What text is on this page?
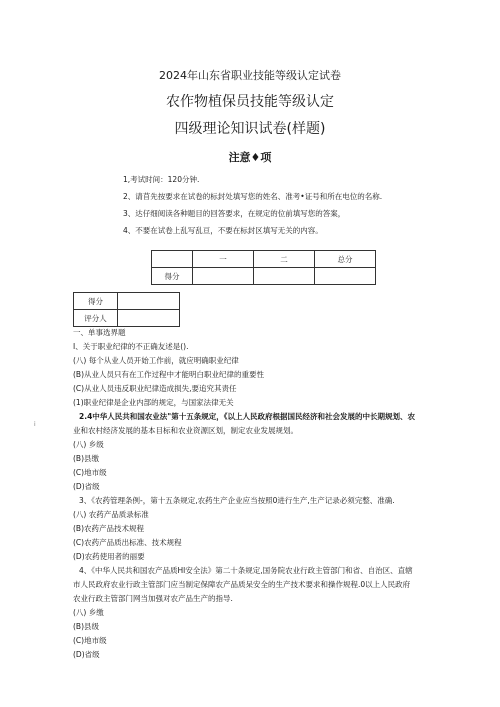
2024年山东省职业技能等级认定试卷
农作物植保员技能等级认定
四级理论知识试卷(样题)
注意♦项
1,考试时间：120分钟.
2、请苜先按要求在试卷的标封处填写您的姓名、准考•证号和所在电位的名称.
3、达仔细阅读各种题目的回答要求，在规定的位前填写您的答案，
4、不要在试卷上乱写乱亘，不要在标封区填写无关的内容。
	一	二	总分
得分			
得分	
评分人	
一、单事选界题
i
I、关于职业纪律的不正确友述是().
(八) 每个从业人员开始工作前，就应明确职业纪律
(B)从业人员只有在工作过程中才能明白职业纪律的重要性
(C)从业人员违反职业纪律造成损失,要追究其责任
(1)职业纪律是企业内部的规定，与国家法律无关
2.4中华人民共和国农业法"第十五条规定，《以上人民政府根据国民经济和社会发展的中长期规划、农
业和农村经济发展的基本目标和农业资源区划，制定农业发展规划。
(八) 乡级
(B)县缴
(C)地市级
(D)省级
3、《农药管理条例-，第十五条规定,农药生产企业应当按照0进行生产,生产记录必须完整、准确.
(八) 农药产品质录标准
(B)农药产品技术规程
(C)农药产品质出标准、技术规程
(D)农药使用者的丽要
4、《中华人民共和国农产品质Hl安全法》第二十条规定,国务院农业行政主管部门和省、自治区、直辖
市人民政府农业行政主管部门应当制定保障农产品质呆安全的生产技术要求和操作规程.0以上人民政府
农业行政主管部门网当加强对农产品生产的指导.
(八) 乡缴
(B)县级
(C)地市级
(D)省级
